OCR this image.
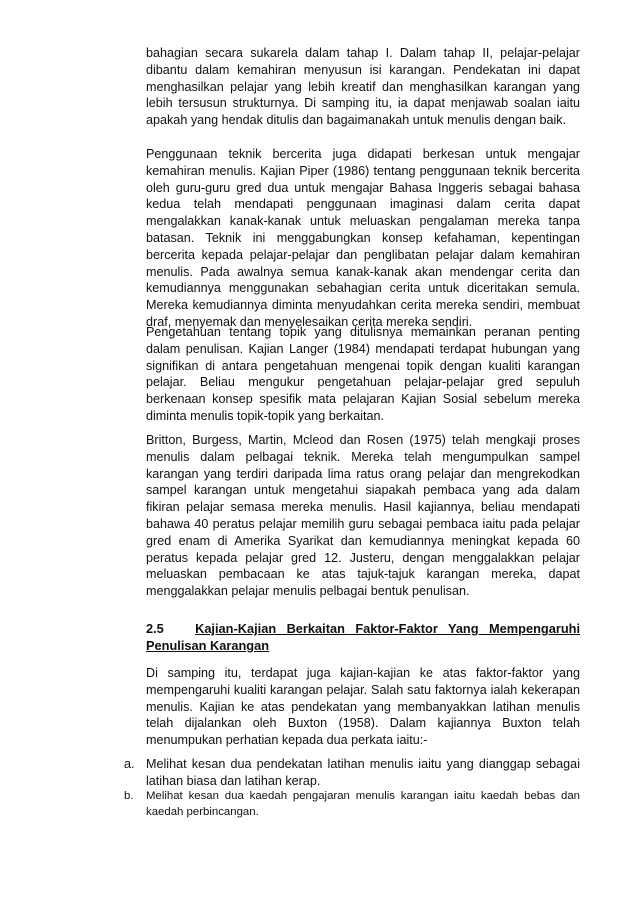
bahagian secara sukarela dalam tahap I. Dalam tahap II, pelajar-pelajar dibantu dalam kemahiran menyusun isi karangan. Pendekatan ini dapat menghasilkan pelajar yang lebih kreatif dan menghasilkan karangan yang lebih tersusun strukturnya. Di samping itu, ia dapat menjawab soalan iaitu apakah yang hendak ditulis dan bagaimanakah untuk menulis dengan baik.

Penggunaan teknik bercerita juga didapati berkesan untuk mengajar kemahiran menulis. Kajian Piper (1986) tentang penggunaan teknik bercerita oleh guru-guru gred dua untuk mengajar Bahasa Inggeris sebagai bahasa kedua telah mendapati penggunaan imaginasi dalam cerita dapat mengalakkan kanak-kanak untuk meluaskan pengalaman mereka tanpa batasan. Teknik ini menggabungkan konsep kefahaman, kepentingan bercerita kepada pelajar-pelajar dan penglibatan pelajar dalam kemahiran menulis. Pada awalnya semua kanak-kanak akan mendengar cerita dan kemudiannya menggunakan sebahagian cerita untuk diceritakan semula. Mereka kemudiannya diminta menyudahkan cerita mereka sendiri, membuat draf, menyemak dan menyelesaikan cerita mereka sendiri.

Pengetahuan tentang topik yang ditulisnya memainkan peranan penting dalam penulisan. Kajian Langer (1984) mendapati terdapat hubungan yang signifikan di antara pengetahuan mengenai topik dengan kualiti karangan pelajar. Beliau mengukur pengetahuan pelajar-pelajar gred sepuluh berkenaan konsep spesifik mata pelajaran Kajian Sosial sebelum mereka diminta menulis topik-topik yang berkaitan.

Britton, Burgess, Martin, Mcleod dan Rosen (1975) telah mengkaji proses menulis dalam pelbagai teknik. Mereka telah mengumpulkan sampel karangan yang terdiri daripada lima ratus orang pelajar dan mengrekodkan sampel karangan untuk mengetahui siapakah pembaca yang ada dalam fikiran pelajar semasa mereka menulis. Hasil kajiannya, beliau mendapati bahawa 40 peratus pelajar memilih guru sebagai pembaca iaitu pada pelajar gred enam di Amerika Syarikat dan kemudiannya meningkat kepada 60 peratus kepada pelajar gred 12. Justeru, dengan menggalakkan pelajar meluaskan pembacaan ke atas tajuk-tajuk karangan mereka, dapat menggalakkan pelajar menulis pelbagai bentuk penulisan.

2.5 Kajian-Kajian Berkaitan Faktor-Faktor Yang Mempengaruhi
Penulisan Karangan

Di samping itu, terdapat juga kajian-kajian ke atas faktor-faktor yang mempengaruhi kualiti karangan pelajar. Salah satu faktornya ialah kekerapan menulis. Kajian ke atas pendekatan yang membanyakkan latihan menulis telah dijalankan oleh Buxton (1958). Dalam kajiannya Buxton telah menumpukan perhatian kepada dua perkata iaitu:-

a. Melihat kesan dua pendekatan latihan menulis iaitu yang dianggap sebagai latihan biasa dan latihan kerap.
b.	Melihat kesan dua kaedah pengajaran menulis karangan iaitu kaedah bebas dan kaedah perbincangan.
